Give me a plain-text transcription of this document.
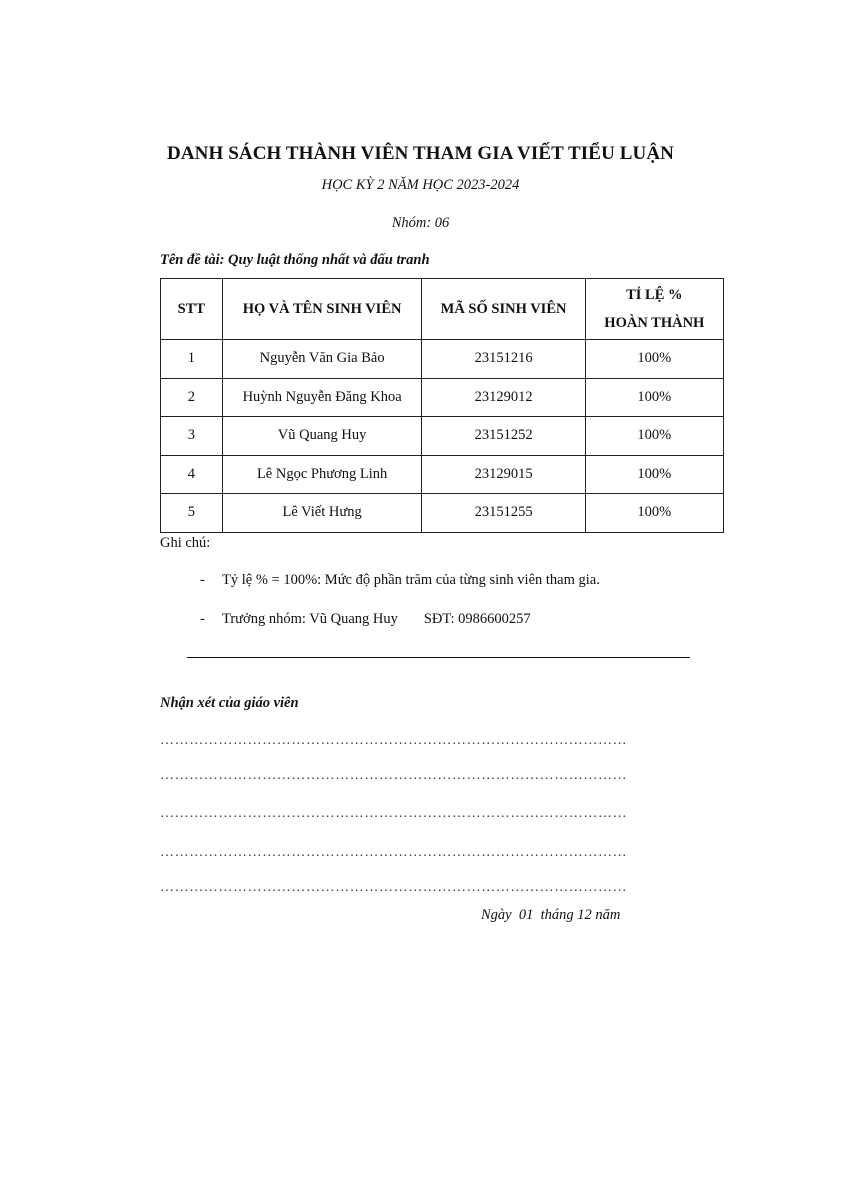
DANH SÁCH THÀNH VIÊN THAM GIA VIẾT TIỂU LUẬN
HỌC KỲ 2 NĂM HỌC 2023-2024
Nhóm: 06
Tên đề tài: Quy luật thống nhất và đấu tranh
STT	HỌ VÀ TÊN SINH VIÊN	MÃ SỐ SINH VIÊN	TỈ LỆ %
HOÀN THÀNH
1	Nguyễn Văn Gia Bảo	23151216	100%
2	Huỳnh Nguyễn Đăng Khoa	23129012	100%
3	Vũ Quang Huy	23151252	100%
4	Lê Ngọc Phương Linh	23129015	100%
5	Lê Viết Hưng	23151255	100%
Ghi chú:
- Tỷ lệ % = 100%: Mức độ phần trăm của từng sinh viên tham gia.
- Trưởng nhóm: Vũ Quang Huy SĐT: 0986600257
Nhận xét của giáo viên
……………………………………………………………………………………
……………………………………………………………………………………
……………………………………………………………………………………
……………………………………………………………………………………
……………………………………………………………………………………
Ngày  01  tháng 12 năm
